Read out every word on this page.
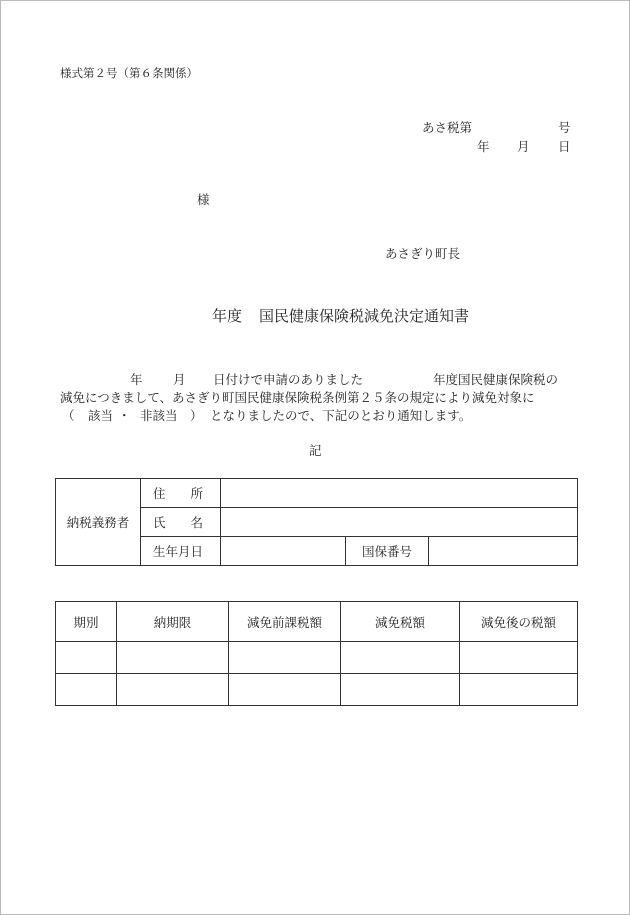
様式第２号（第６条関係）
あさ税第	号
年 月 日
様
あさぎり町長
年度 国民健康保険税減免決定通知書
年 月 日付けで申請のありました	年度国民健康保険税の
減免につきまして、あさぎり町国民健康保険税条例第２５条の規定により減免対象に
（ 該当 ・ 非該当 ） となりましたので、下記のとおり通知します。
記
納税義務者	住　　所			
	氏　　名			
	生年月日		国保番号	
期別	納期限	減免前課税額	減免税額	減免後の税額
